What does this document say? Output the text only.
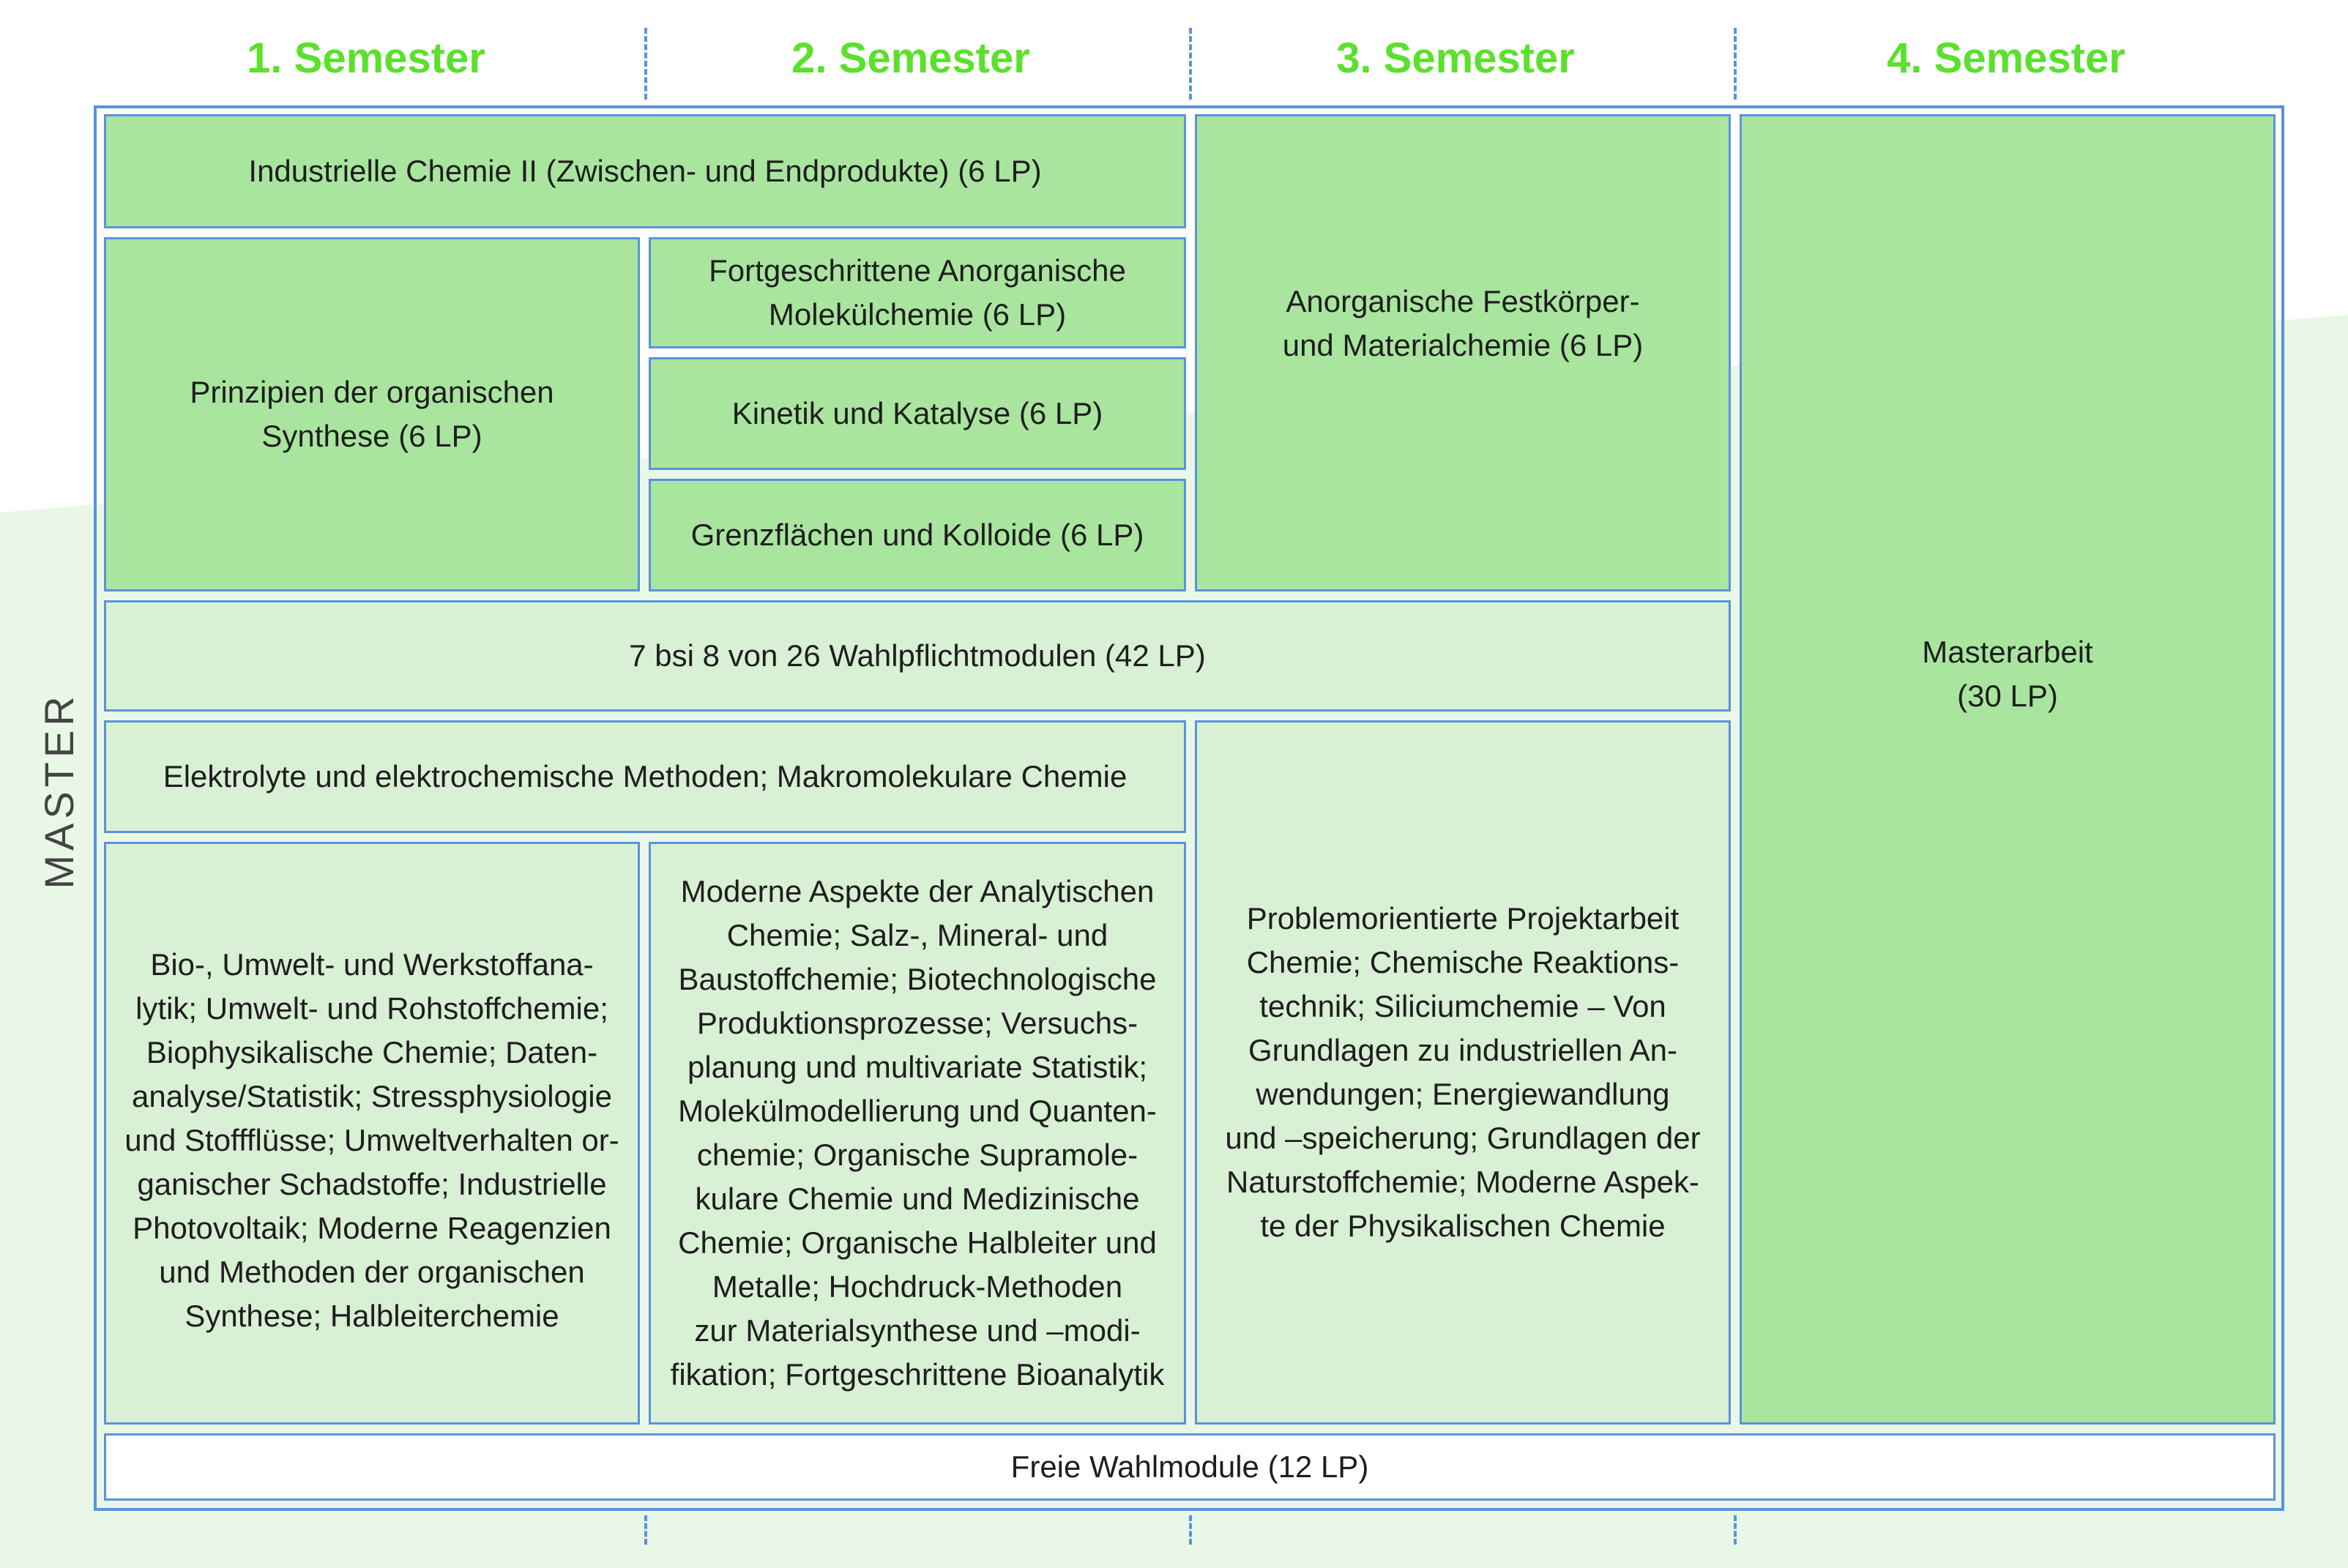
1. Semester	2. Semester	3. Semester	4. Semester
MASTER
Industrielle Chemie II (Zwischen- und Endprodukte) (6 LP)
Prinzipien der organischen
Synthese (6 LP)
Fortgeschrittene Anorganische
Molekülchemie (6 LP)
Kinetik und Katalyse (6 LP)
Grenzflächen und Kolloide (6 LP)
Anorganische Festkörper-
und Materialchemie (6 LP)
Masterarbeit
(30 LP)
7 bsi 8 von 26 Wahlpflichtmodulen (42 LP)
Elektrolyte und elektrochemische Methoden; Makromolekulare Chemie
Bio-, Umwelt- und Werkstoffana-
lytik; Umwelt- und Rohstoffchemie;
Biophysikalische Chemie; Daten-
analyse/Statistik; Stressphysiologie
und Stoffflüsse; Umweltverhalten or-
ganischer Schadstoffe; Industrielle
Photovoltaik; Moderne Reagenzien
und Methoden der organischen
Synthese; Halbleiterchemie
Moderne Aspekte der Analytischen
Chemie; Salz-, Mineral- und
Baustoffchemie; Biotechnologische
Produktionsprozesse; Versuchs-
planung und multivariate Statistik;
Molekülmodellierung und Quanten-
chemie; Organische Supramole-
kulare Chemie und Medizinische
Chemie; Organische Halbleiter und
Metalle; Hochdruck-Methoden
zur Materialsynthese und –modi-
fikation; Fortgeschrittene Bioanalytik
Problemorientierte Projektarbeit
Chemie; Chemische Reaktions-
technik; Siliciumchemie – Von
Grundlagen zu industriellen An-
wendungen; Energiewandlung
und –speicherung; Grundlagen der
Naturstoffchemie; Moderne Aspek-
te der Physikalischen Chemie
Freie Wahlmodule (12 LP)
